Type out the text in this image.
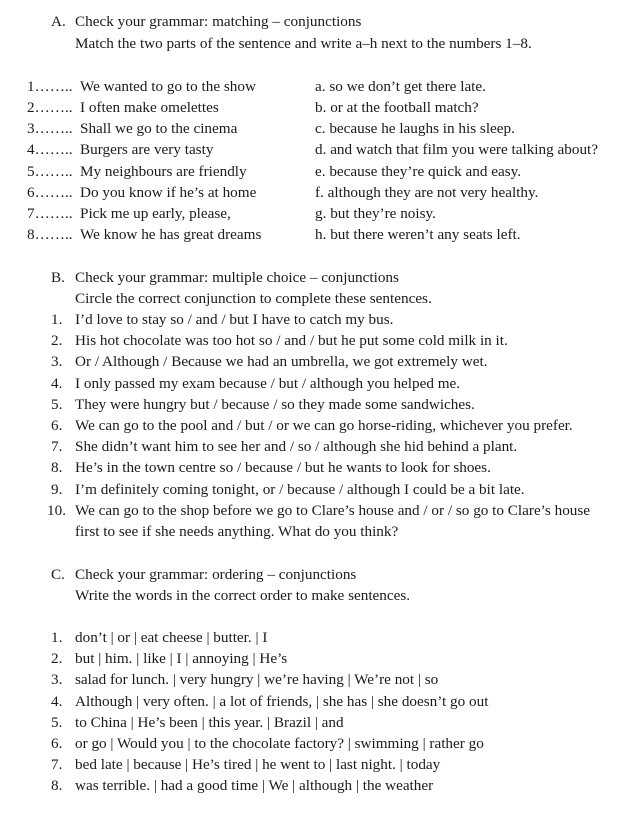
A. Check your grammar: matching – conjunctions
Match the two parts of the sentence and write a–h next to the numbers 1–8.
1…….. We wanted to go to the show
2…….. I often make omelettes
3…….. Shall we go to the cinema
4…….. Burgers are very tasty
5…….. My neighbours are friendly
6…….. Do you know if he’s at home
7…….. Pick me up early, please,
8…….. We know he has great dreams
a. so we don’t get there late.
b. or at the football match?
c. because he laughs in his sleep.
d. and watch that film you were talking about?
e. because they’re quick and easy.
f. although they are not very healthy.
g. but they’re noisy.
h. but there weren’t any seats left.
B. Check your grammar: multiple choice – conjunctions
Circle the correct conjunction to complete these sentences.
1. I’d love to stay so / and / but I have to catch my bus.
2. His hot chocolate was too hot so / and / but he put some cold milk in it.
3. Or / Although / Because we had an umbrella, we got extremely wet.
4. I only passed my exam because / but / although you helped me.
5. They were hungry but / because / so they made some sandwiches.
6. We can go to the pool and / but / or we can go horse-riding, whichever you prefer.
7. She didn’t want him to see her and / so / although she hid behind a plant.
8. He’s in the town centre so / because / but he wants to look for shoes.
9. I’m definitely coming tonight, or / because / although I could be a bit late.
10. We can go to the shop before we go to Clare’s house and / or / so go to Clare’s house
first to see if she needs anything. What do you think?
C. Check your grammar: ordering – conjunctions
Write the words in the correct order to make sentences.
1. don’t | or | eat cheese | butter. | I
2. but | him. | like | I | annoying | He’s
3. salad for lunch. | very hungry | we’re having | We’re not | so
4. Although | very often. | a lot of friends, | she has | she doesn’t go out
5. to China | He’s been | this year. | Brazil | and
6. or go | Would you | to the chocolate factory? | swimming | rather go
7. bed late | because | He’s tired | he went to | last night. | today
8. was terrible. | had a good time | We | although | the weather
